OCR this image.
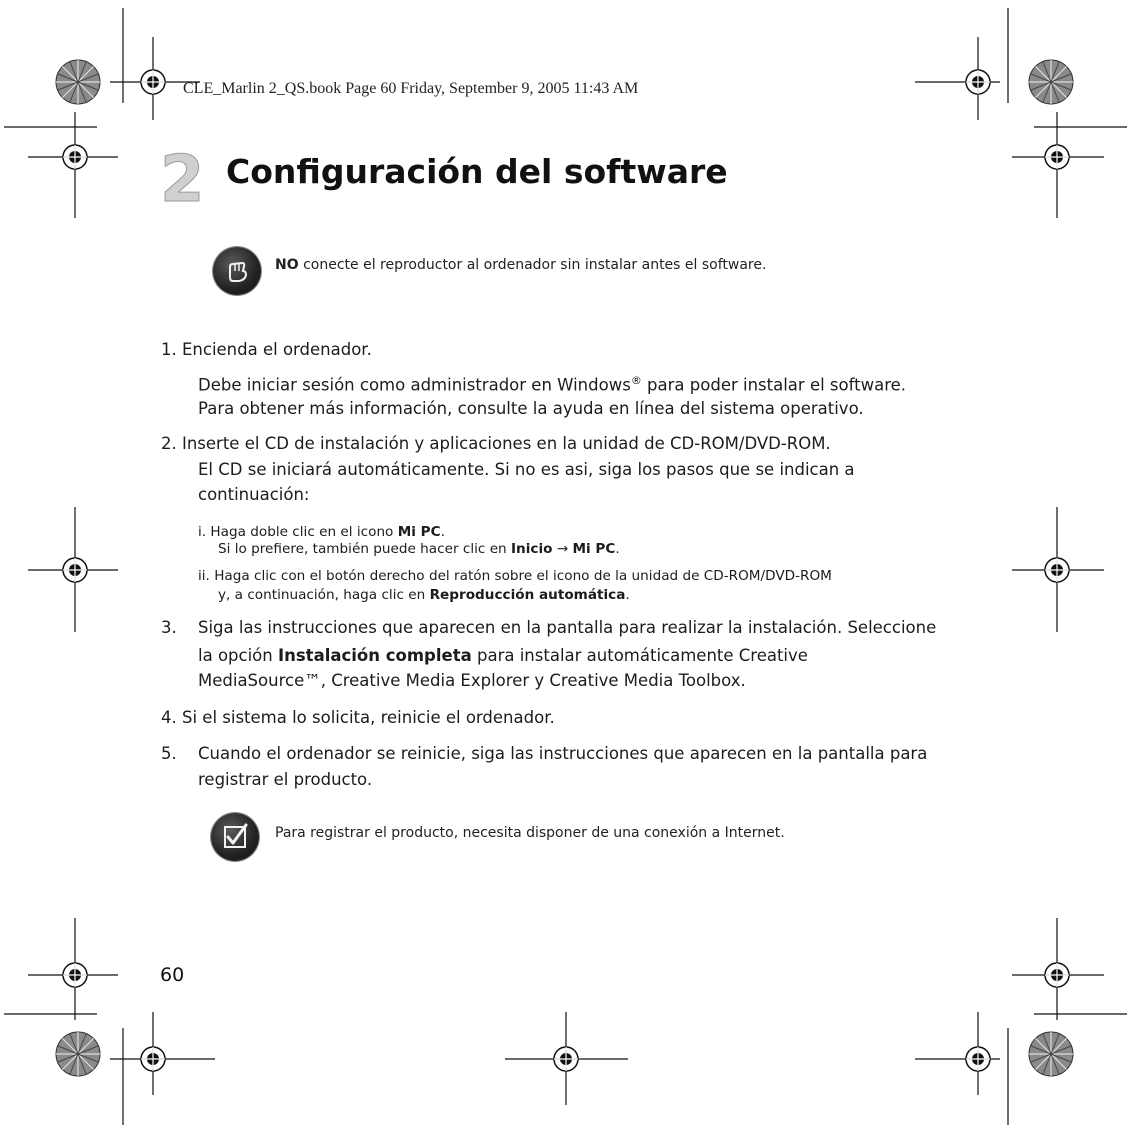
CLE_Marlin 2_QS.book Page 60 Friday, September 9, 2005 11:43 AM
2 Configuración del software
NO conecte el reproductor al ordenador sin instalar antes el software.
1. Encienda el ordenador.
Debe iniciar sesión como administrador en Windows® para poder instalar el software.
Para obtener más información, consulte la ayuda en línea del sistema operativo.
2. Inserte el CD de instalación y aplicaciones en la unidad de CD-ROM/DVD-ROM.
El CD se iniciará automáticamente. Si no es asi, siga los pasos que se indican a
continuación:
i. Haga doble clic en el icono Mi PC.
Si lo prefiere, también puede hacer clic en Inicio → Mi PC.
ii. Haga clic con el botón derecho del ratón sobre el icono de la unidad de CD-ROM/DVD-ROM
y, a continuación, haga clic en Reproducción automática.
3. Siga las instrucciones que aparecen en la pantalla para realizar la instalación. Seleccione
la opción Instalación completa para instalar automáticamente Creative
MediaSource™, Creative Media Explorer y Creative Media Toolbox.
4. Si el sistema lo solicita, reinicie el ordenador.
5. Cuando el ordenador se reinicie, siga las instrucciones que aparecen en la pantalla para
registrar el producto.
Para registrar el producto, necesita disponer de una conexión a Internet.
60
